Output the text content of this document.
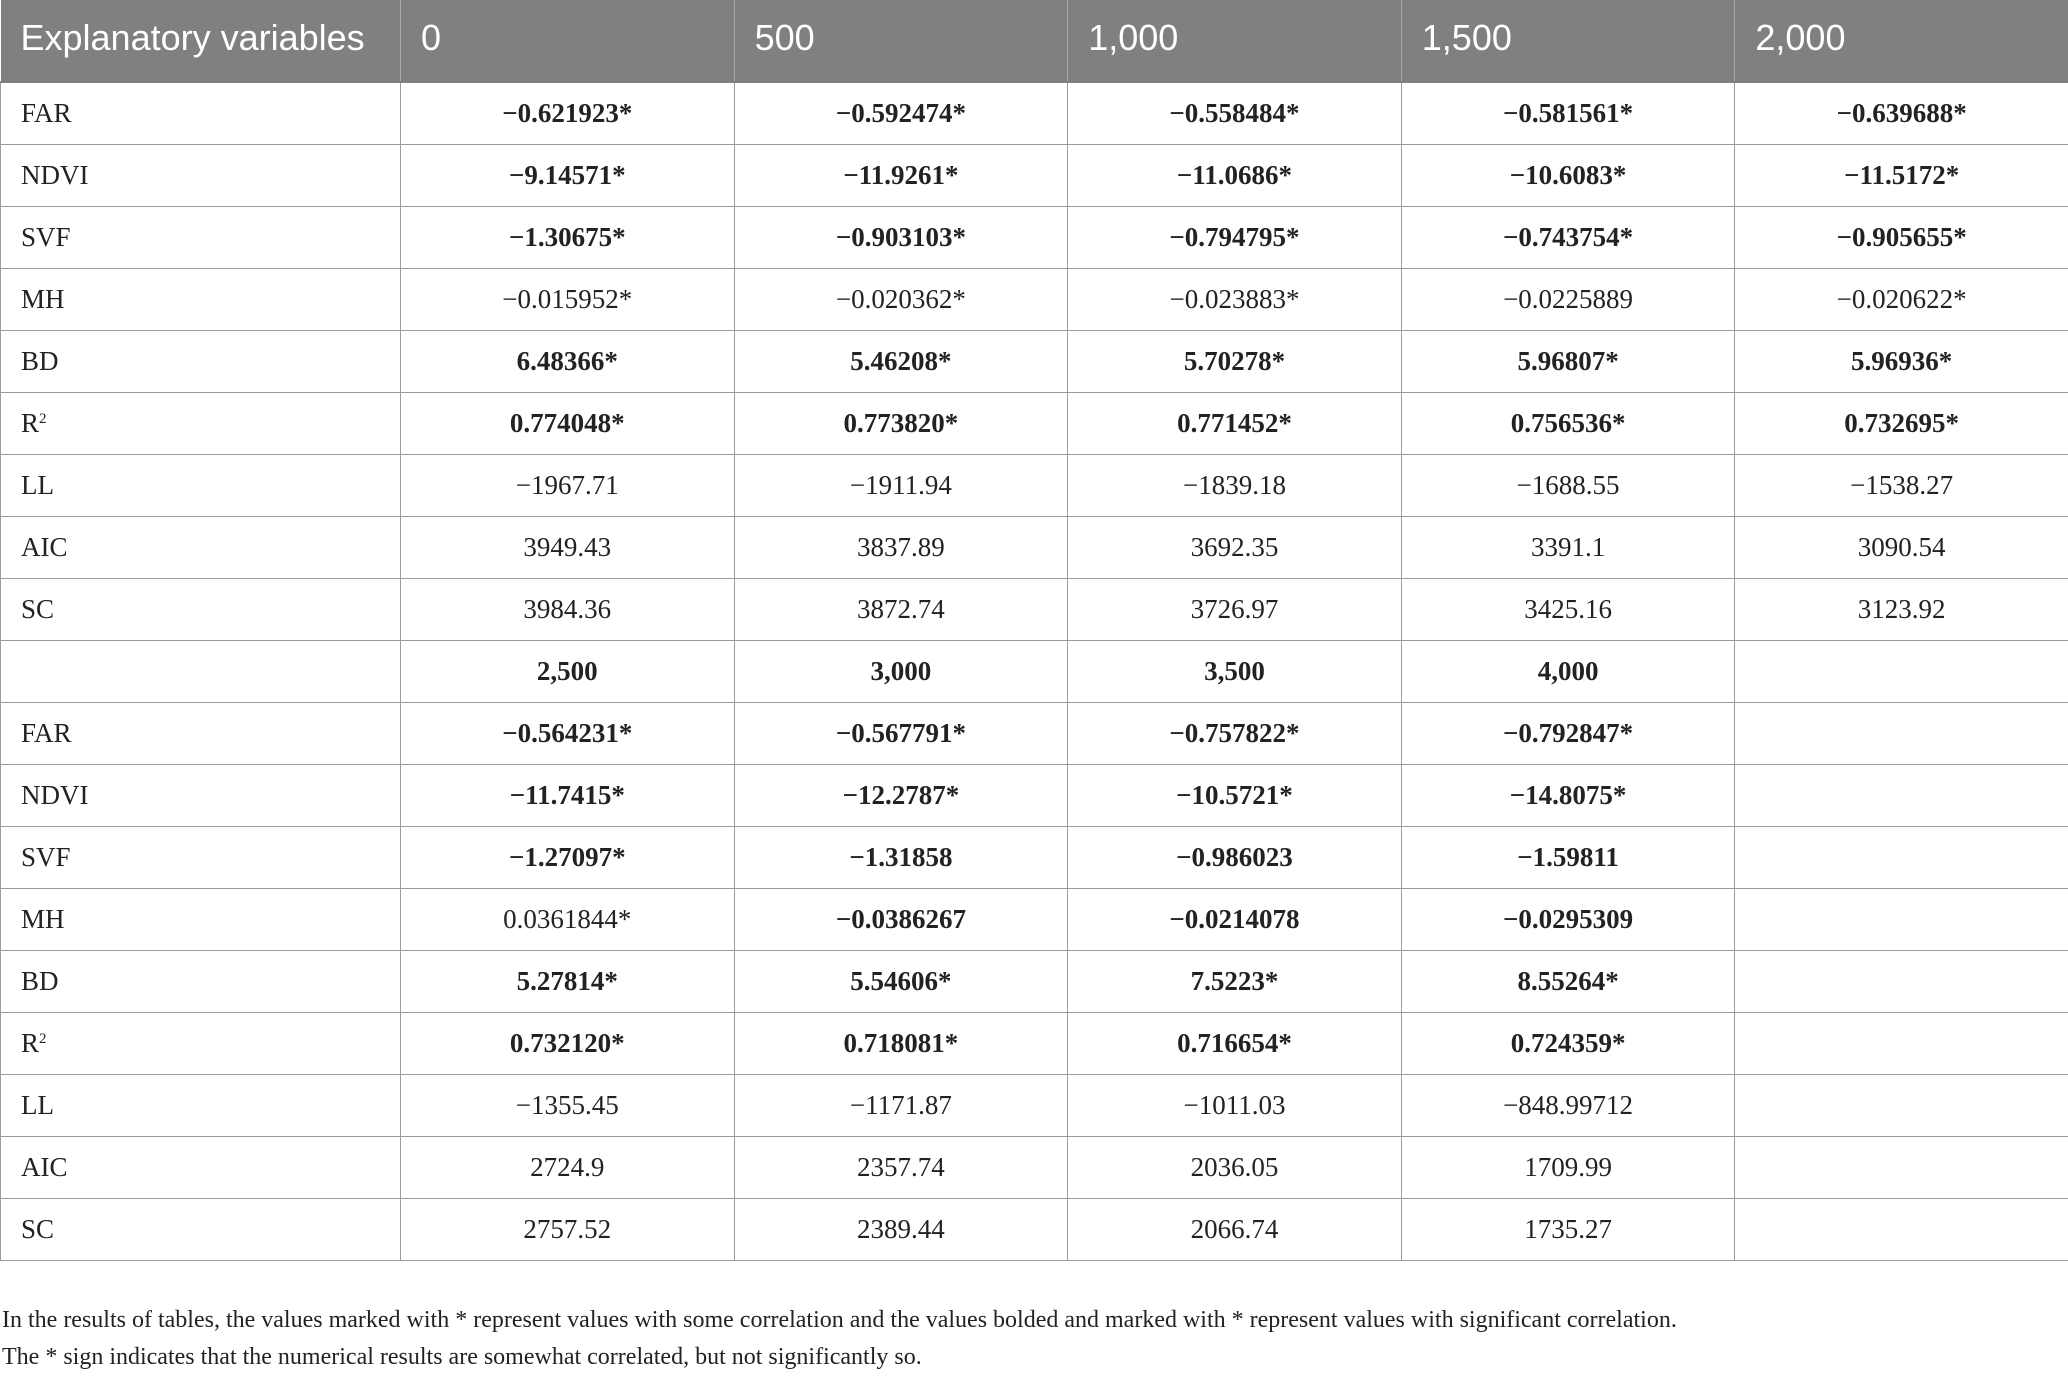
Explanatory variables	0	500	1,000	1,500	2,000
FAR	−0.621923*	−0.592474*	−0.558484*	−0.581561*	−0.639688*
NDVI	−9.14571*	−11.9261*	−11.0686*	−10.6083*	−11.5172*
SVF	−1.30675*	−0.903103*	−0.794795*	−0.743754*	−0.905655*
MH	−0.015952*	−0.020362*	−0.023883*	−0.0225889	−0.020622*
BD	6.48366*	5.46208*	5.70278*	5.96807*	5.96936*
$R^2$	0.774048*	0.773820*	0.771452*	0.756536*	0.732695*
LL	−1967.71	−1911.94	−1839.18	−1688.55	−1538.27
AIC	3949.43	3837.89	3692.35	3391.1	3090.54
SC	3984.36	3872.74	3726.97	3425.16	3123.92
	2,500	3,000	3,500	4,000	
FAR	−0.564231*	−0.567791*	−0.757822*	−0.792847*	
NDVI	−11.7415*	−12.2787*	−10.5721*	−14.8075*	
SVF	−1.27097*	−1.31858	−0.986023	−1.59811	
MH	0.0361844*	−0.0386267	−0.0214078	−0.0295309	
BD	5.27814*	5.54606*	7.5223*	8.55264*	
$R^2$	0.732120*	0.718081*	0.716654*	0.724359*	
LL	−1355.45	−1171.87	−1011.03	−848.99712	
AIC	2724.9	2357.74	2036.05	1709.99	
SC	2757.52	2389.44	2066.74	1735.27	

In the results of tables, the values marked with * represent values with some correlation and the values bolded and marked with * represent values with significant correlation.

The * sign indicates that the numerical results are somewhat correlated, but not significantly so.
